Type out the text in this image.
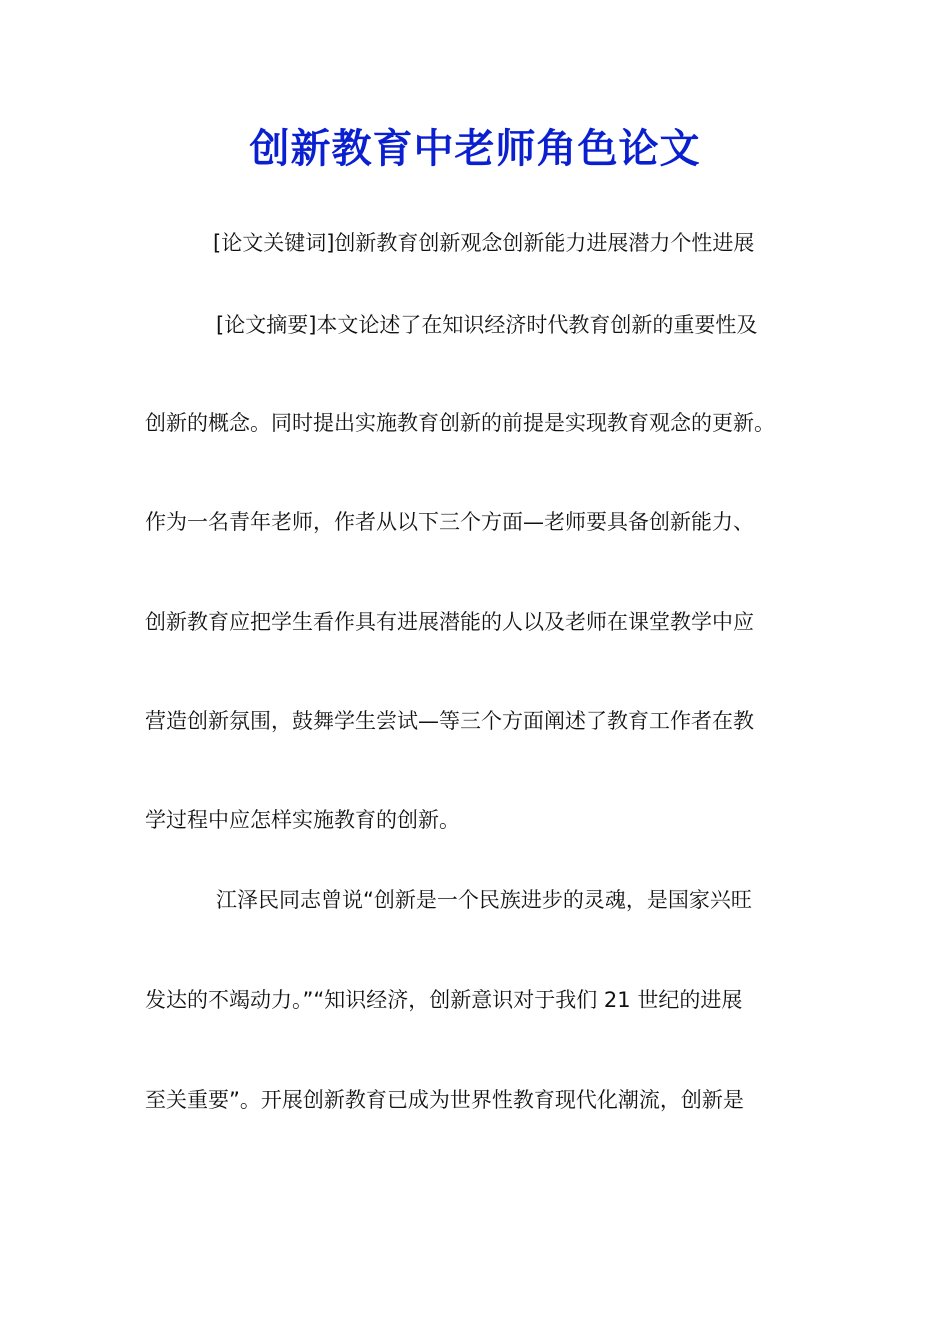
创新教育中老师角色论文
[论文关键词]创新教育创新观念创新能力进展潜力个性进展
[论文摘要]本文论述了在知识经济时代教育创新的重要性及
创新的概念。同时提出实施教育创新的前提是实现教育观念的更新。
作为一名青年老师，作者从以下三个方面—老师要具备创新能力、
创新教育应把学生看作具有进展潜能的人以及老师在课堂教学中应
营造创新氛围，鼓舞学生尝试—等三个方面阐述了教育工作者在教
学过程中应怎样实施教育的创新。
江泽民同志曾说“创新是一个民族进步的灵魂，是国家兴旺
发达的不竭动力。”“知识经济，创新意识对于我们 21 世纪的进展
至关重要”。开展创新教育已成为世界性教育现代化潮流，创新是
